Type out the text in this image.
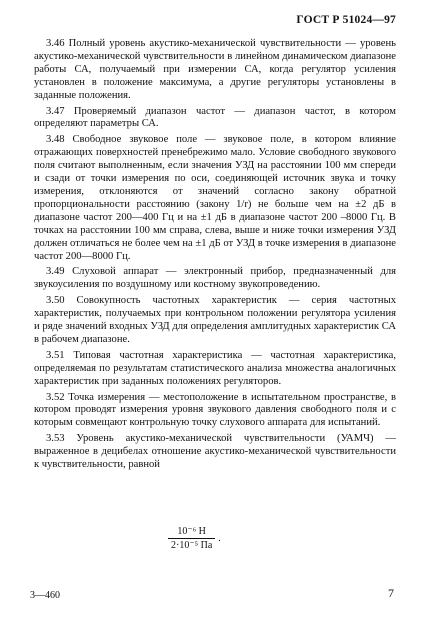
ГОСТ Р 51024—97

3.46 Полный уровень акустико-механической чувствительности — уровень акустико-механической чувствительности в линейном динамическом диапазоне работы СА, получаемый при измерении СА, когда регулятор усиления установлен в положение максимума, а другие регуляторы установлены в заданные положения.

3.47 Проверяемый диапазон частот — диапазон частот, в котором определяют параметры СА.

3.48 Свободное звуковое поле — звуковое поле, в котором влияние отражающих поверхностей пренебрежимо малo. Условие свободного звукового поля считают выполненным, если значения УЗД на расстоянии 100 мм спереди и сзади от точки измерения по оси, соединяющей источник звука и точку измерения, отклоняются от значений согласно закону обратной пропорциональности расстоянию (закону 1/r) не больше чем на ±2 дБ в диапазоне частот 200—400 Гц и на ±1 дБ в диапазоне частот 200 –8000 Гц. В точках на расстоянии 100 мм справа, слева, выше и ниже точки измерения УЗД должен отличаться не более чем на ±1 дБ от УЗД в точке измерения в диапазоне частот 200—8000 Гц.

3.49 Слуховой аппарат — электронный прибор, предназначенный для звукоусиления по воздушному или костному звукопроведению.

3.50 Совокупность частотных характеристик — серия частотных характеристик, получаемых при контрольном положении регулятора усиления и ряде значений входных УЗД для определения амплитудных характеристик СА в рабочем диапазоне.

3.51 Типовая частотная характеристика — частотная характеристика, определяемая по результатам статистического анализа множества аналогичных характеристик при заданных положениях регуляторов.

3.52 Точка измерения — местоположение в испытательном пространстве, в котором проводят измерения уровня звукового давления свободного поля и с которым совмещают контрольную точку слухового аппарата для испытаний.

3.53 Уровень акустико-механической чувствительности (УАМЧ) — выраженное в децибелах отношение акустико-механической чувствительности к чувствительности, равной

$\frac{\text{10⁻⁶ Н}}{\text{2·10⁻⁵ Па}}$ .
3—460	7
